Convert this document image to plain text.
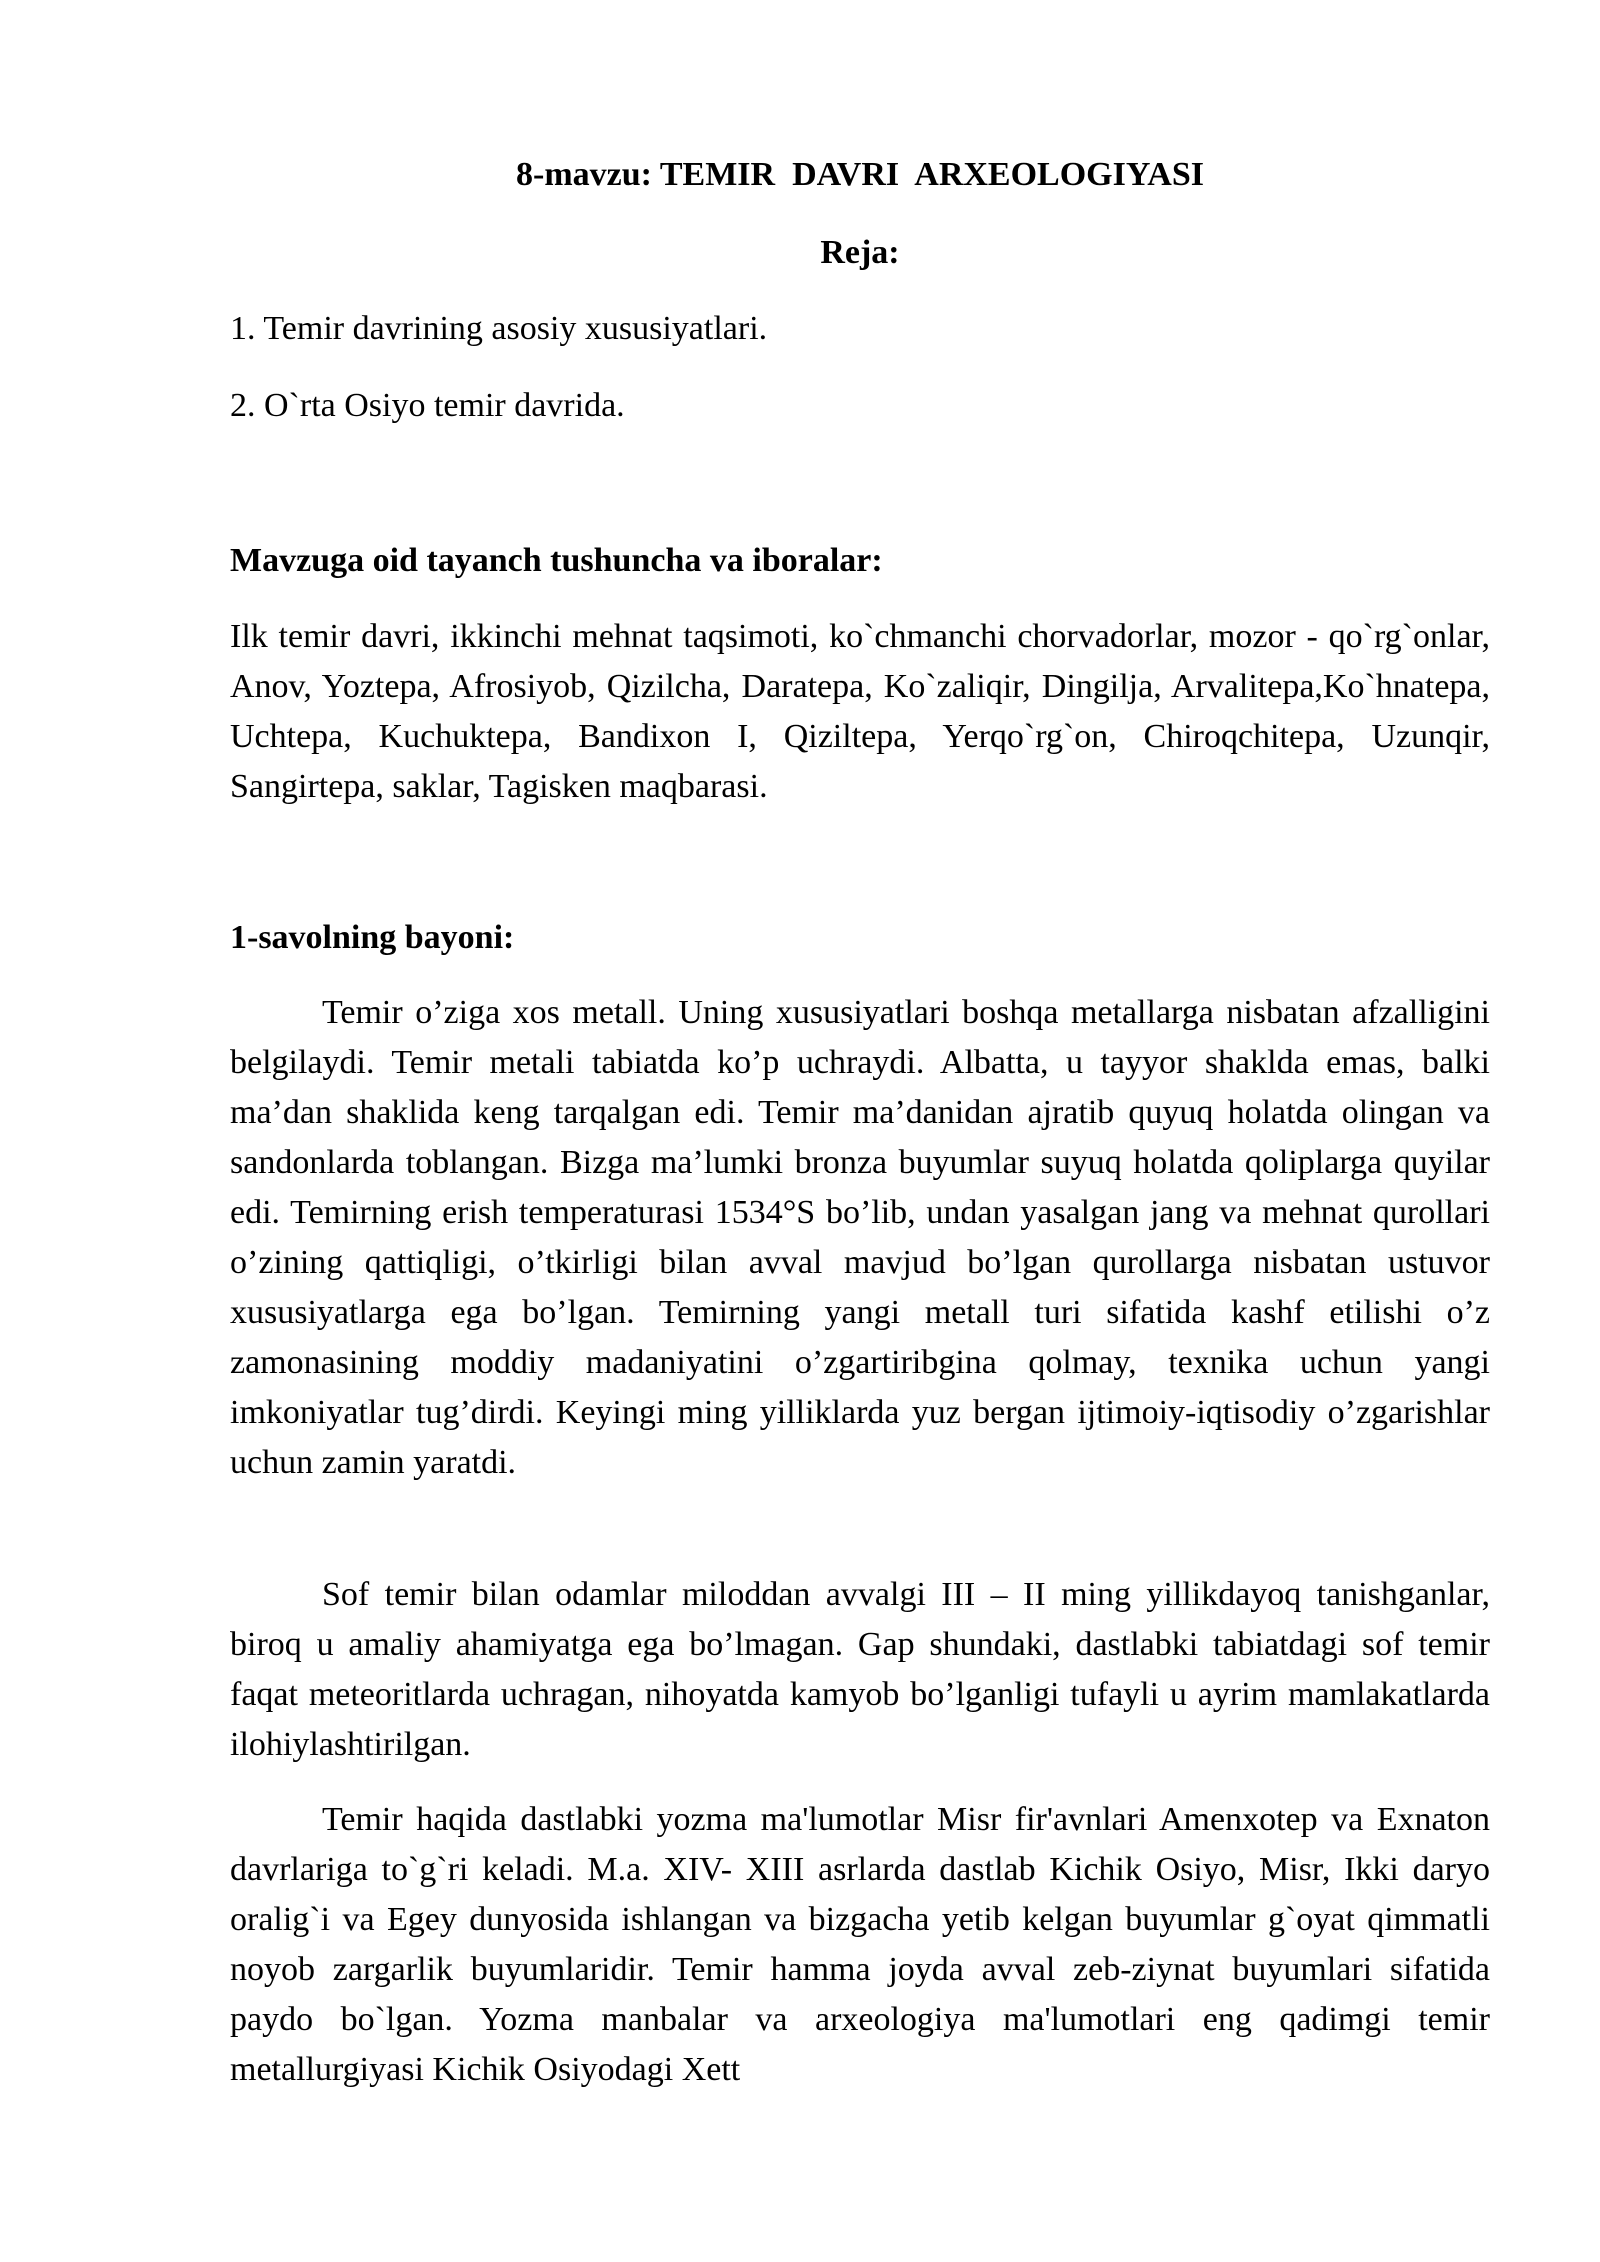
8-mavzu: TEMIR  DAVRI  ARXEOLOGIYASI
Reja:
1. Temir davrining asosiy xususiyatlari.
2. O`rta Osiyo temir davrida.
Mavzuga oid tayanch tushuncha va iboralar:

Ilk temir davri, ikkinchi mehnat taqsimoti, ko`chmanchi chorvadorlar, mozor - qo`rg`onlar, Anov, Yoztepa, Afrosiyob, Qizilcha, Daratepa, Ko`zaliqir, Dingilja, Arvalitepa,Ko`hnatepa, Uchtepa, Kuchuktepa, Bandixon I, Qiziltepa, Yerqo`rg`on, Chiroqchitepa, Uzunqir, Sangirtepa, saklar, Tagisken maqbarasi.

1-savolning bayoni:

Temir o’ziga xos metall. Uning xususiyatlari boshqa metallarga nisbatan afzalligini belgilaydi. Temir metali tabiatda ko’p uchraydi. Albatta, u tayyor shakldа emas, balki ma’dan shaklida keng tarqalgan edi. Temir ma’danidan ajratib quyuq holatda olingan va sandonlarda toblangan. Bizga ma’lumki bronza buyumlar suyuq holatda qoliplarga quyilar edi. Temirning erish temperaturasi 1534°S bo’lib, undan yasalgan jang va mehnat qurollari o’zining qattiqligi, o’tkirligi bilan avval mavjud bo’lgan qurollarga nisbatan ustuvor xususiyatlarga ega bo’lgan. Temirning yangi metall turi sifatida kashf etilishi o’z zamonasining moddiy madaniyatini o’zgartiribgina qolmay, texnika uchun yangi imkoniyatlar tug’dirdi. Keyingi ming yilliklarda yuz bergan ijtimoiy-iqtisodiy o’zgarishlar uchun zamin yaratdi.

Sof temir bilan odamlar miloddan avvalgi III – II ming yillikdayoq tanishganlar, biroq u amaliy ahamiyatga ega bo’lmagan. Gap shundaki, dastlabki tabiatdagi sof temir faqat meteoritlarda uchragan, nihoyatda kamyob bo’lganligi tufayli u ayrim mamlakatlarda ilohiylashtirilgan.

Temir haqida dastlabki yozma ma'lumotlar Misr fir'avnlari Amenxotep va Exnaton davrlariga to`g`ri keladi. M.a. XIV- XIII asrlarda dastlab Kichik Osiyo, Misr, Ikki daryo oralig`i va Egey dunyosida ishlangan va bizgacha yetib kelgan buyumlar g`oyat qimmatli noyob zargarlik buyumlaridir. Temir hamma joyda avval zeb-ziynat buyumlari sifatida paydo bo`lgan. Yozma manbalar va arxeologiya ma'lumotlari eng qadimgi temir metallurgiyasi Kichik Osiyodagi Xett
